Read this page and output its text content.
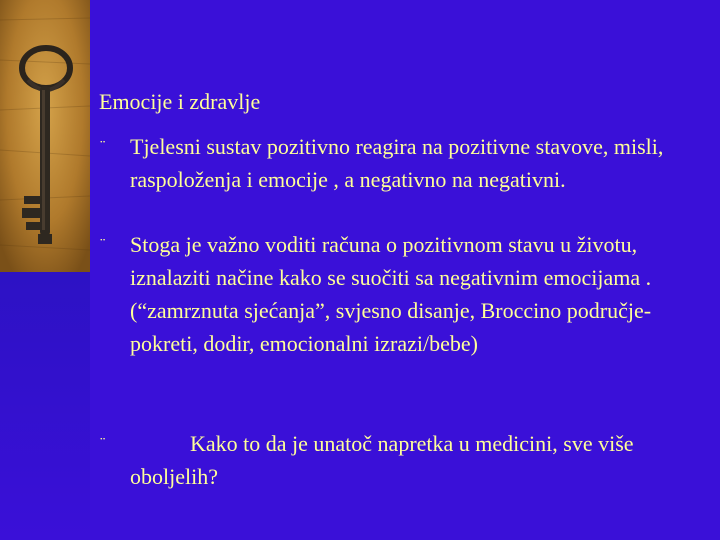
Emocije i zdravlje
¨	Tjelesni sustav pozitivno reagira na pozitivne stavove, misli, raspoloženja i emocije , a negativno na negativni.
¨	Stoga je važno voditi računa o pozitivnom stavu u životu, iznalaziti načine kako se suočiti sa negativnim emocijama .(“zamrznuta sjećanja”, svjesno disanje, Broccino područje- pokreti, dodir, emocionalni izrazi/bebe)
¨	Kako to da je unatoč napretka u medicini, sve više oboljelih?
